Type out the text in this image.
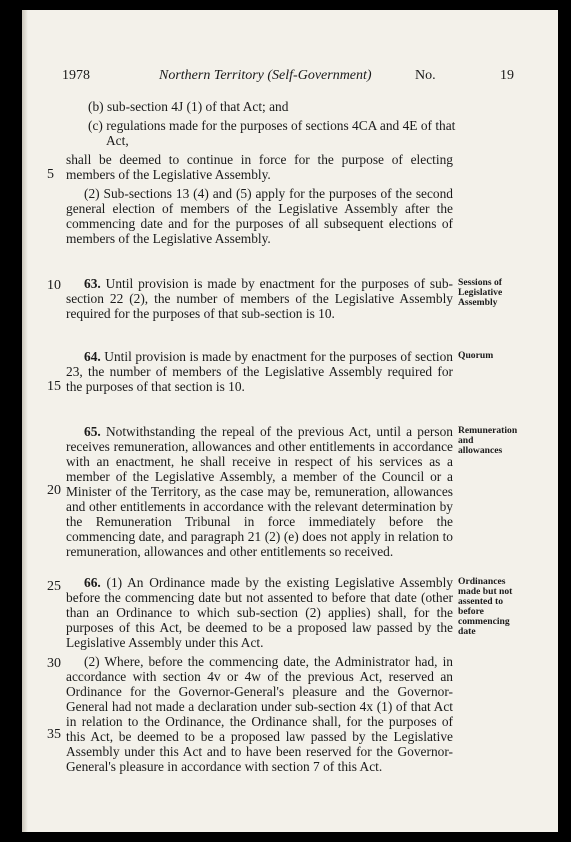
1978	Northern Territory (Self-Government)	No.	19
(b) sub-section 4J (1) of that Act; and
(c) regulations made for the purposes of sections 4CA and 4E of that
Act,

shall be deemed to continue in force for the purpose of electing members of the Legislative Assembly.

5

(2) Sub-sections 13 (4) and (5) apply for the purposes of the second general election of members of the Legislative Assembly after the commencing date and for the purposes of all subsequent elections of members of the Legislative Assembly.

10	63. Until provision is made by enactment for the purposes of sub-section 22 (2), the number of members of the Legislative Assembly required for the purposes of that sub-section is 10.

Sessions of Legislative Assembly

64. Until provision is made by enactment for the purposes of section 23, the number of members of the Legislative Assembly required for the purposes of that section is 10.

Quorum

15

65. Notwithstanding the repeal of the previous Act, until a person receives remuneration, allowances and other entitlements in accordance with an enactment, he shall receive in respect of his services as a member of the Legislative Assembly, a member of the Council or a Minister of the Territory, as the case may be, remuneration, allowances and other entitlements in accordance with the relevant determination by the Remuneration Tribunal in force immediately before the commencing date, and paragraph 21 (2) (e) does not apply in relation to remuneration, allowances and other entitlements so received.

Remuneration and allowances

20
25	66. (1) An Ordinance made by the existing Legislative Assembly before the commencing date but not assented to before that date (other than an Ordinance to which sub-section (2) applies) shall, for the purposes of this Act, be deemed to be a proposed law passed by the Legislative Assembly under this Act.

Ordinances made but not assented to before commencing date

30	(2) Where, before the commencing date, the Administrator had, in accordance with section 4v or 4w of the previous Act, reserved an Ordinance for the Governor-General's pleasure and the Governor-General had not made a declaration under sub-section 4x (1) of that Act in relation to the Ordinance, the Ordinance shall, for the purposes of this Act, be deemed to be a proposed law passed by the Legislative Assembly under this Act and to have been reserved for the Governor-General's pleasure in accordance with section 7 of this Act.

35
